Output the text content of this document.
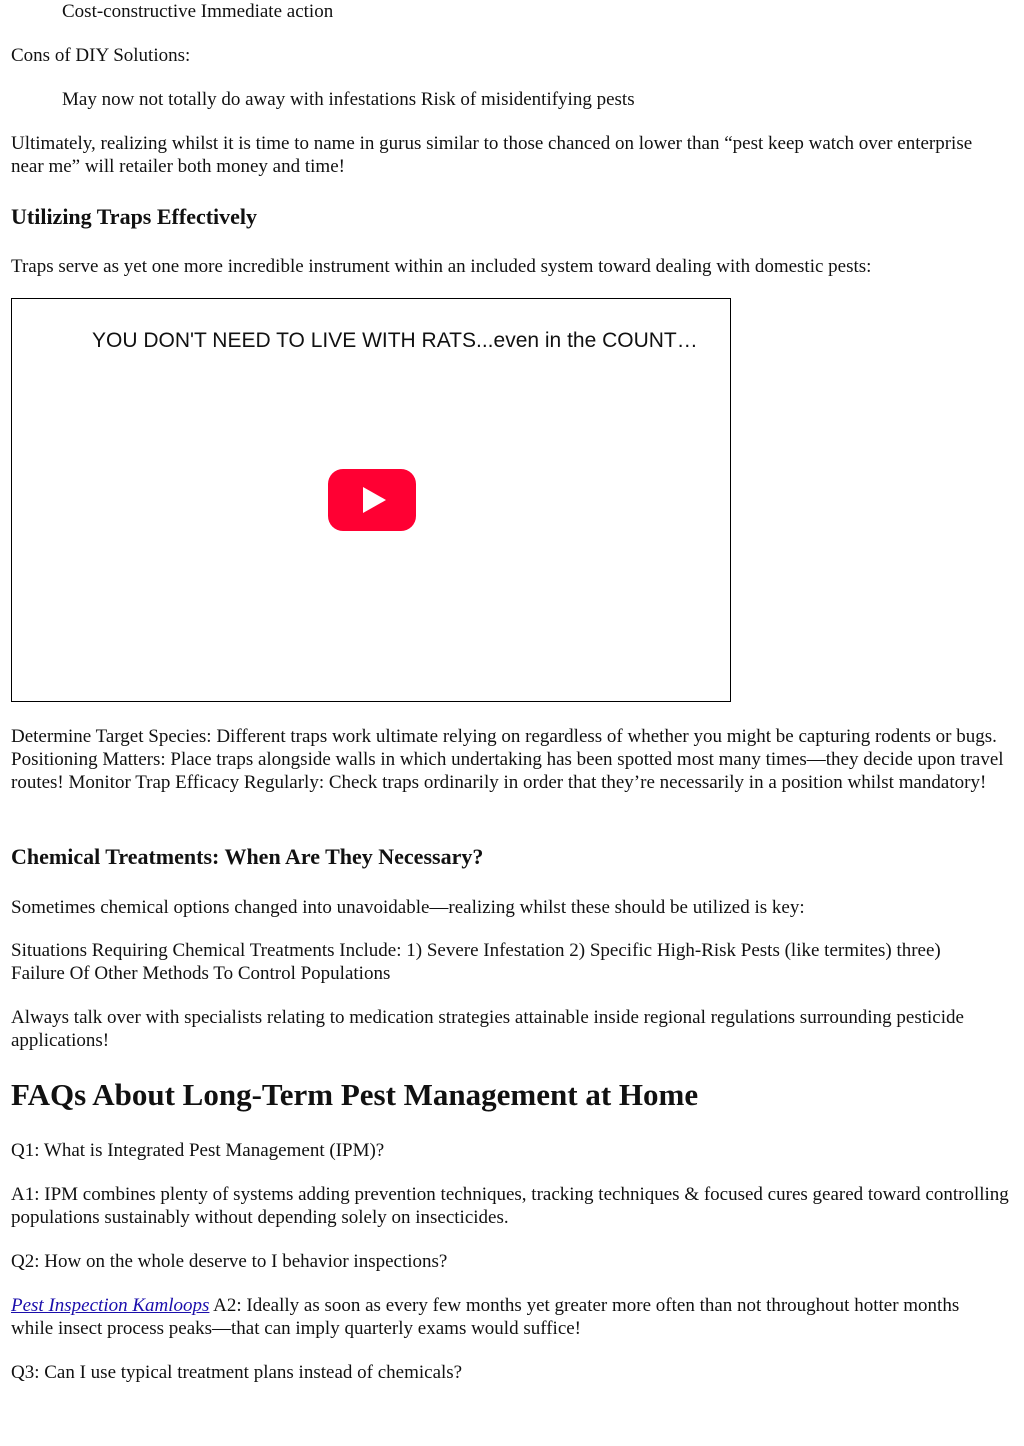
Cost-constructive Immediate action

Cons of DIY Solutions:

May now not totally do away with infestations Risk of misidentifying pests

Ultimately, realizing whilst it is time to name in gurus similar to those chanced on lower than “pest keep watch over enterprise near me” will retailer both money and time!

Utilizing Traps Effectively

Traps serve as yet one more incredible instrument within an included system toward dealing with domestic pests:

Determine Target Species: Different traps work ultimate relying on regardless of whether you might be capturing rodents or bugs. Positioning Matters: Place traps alongside walls in which undertaking has been spotted most many times—they decide upon travel routes! Monitor Trap Efficacy Regularly: Check traps ordinarily in order that they’re necessarily in a position whilst mandatory!

Chemical Treatments: When Are They Necessary?

Sometimes chemical options changed into unavoidable—realizing whilst these should be utilized is key:

Situations Requiring Chemical Treatments Include: 1) Severe Infestation 2) Specific High-Risk Pests (like termites) three) Failure Of Other Methods To Control Populations

Always talk over with specialists relating to medication strategies attainable inside regional regulations surrounding pesticide applications!

FAQs About Long-Term Pest Management at Home

Q1: What is Integrated Pest Management (IPM)?

A1: IPM combines plenty of systems adding prevention techniques, tracking techniques & focused cures geared toward controlling populations sustainably without depending solely on insecticides.

Q2: How on the whole deserve to I behavior inspections?

Pest Inspection Kamloops A2: Ideally as soon as every few months yet greater more often than not throughout hotter months while insect process peaks—that can imply quarterly exams would suffice!

Q3: Can I use typical treatment plans instead of chemicals?

YOU DON'T NEED TO LIVE WITH RATS...even in the COUNT…
